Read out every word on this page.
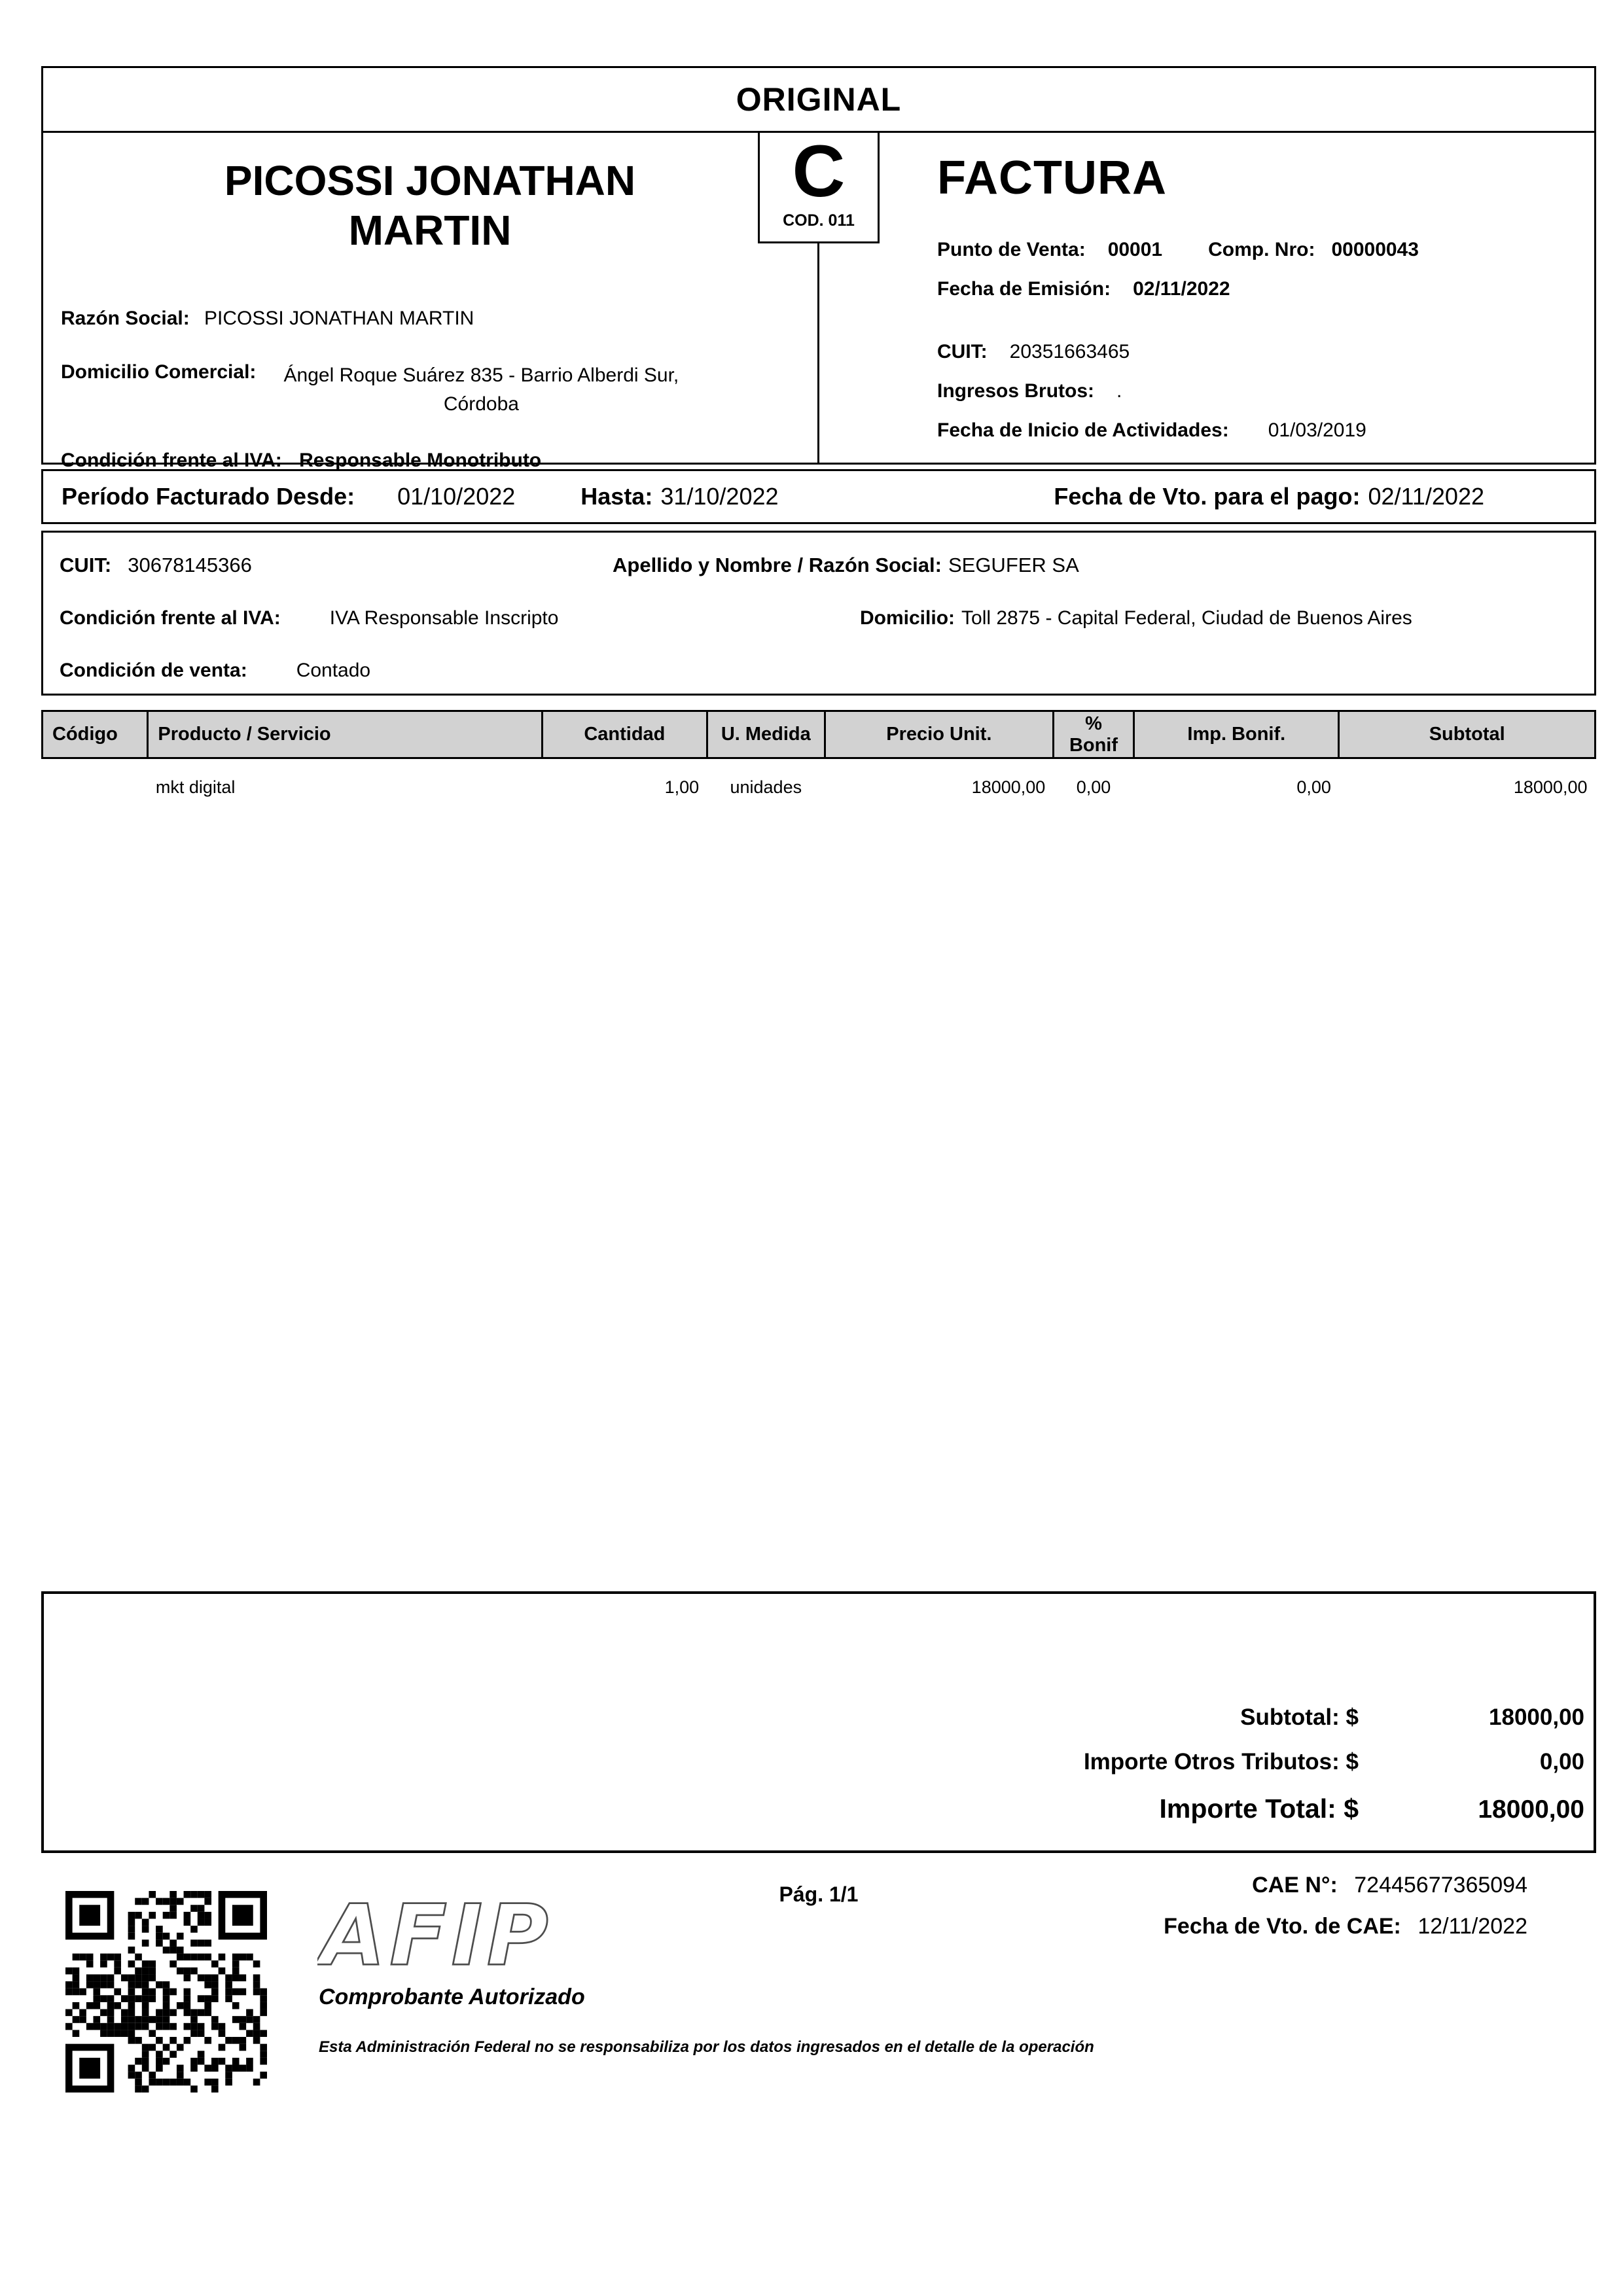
ORIGINAL
C
COD. 011
PICOSSI JONATHAN MARTIN
Razón Social: PICOSSI JONATHAN MARTIN
Domicilio Comercial:	Ángel Roque Suárez 835 - Barrio Alberdi Sur, Córdoba
Condición frente al IVA: Responsable Monotributo
FACTURA
Punto de Venta: 00001 Comp. Nro: 00000043
Fecha de Emisión: 02/11/2022
CUIT: 20351663465
Ingresos Brutos: .
Fecha de Inicio de Actividades: 01/03/2019
Período Facturado Desde: 01/10/2022	Hasta: 31/10/2022	Fecha de Vto. para el pago: 02/11/2022
CUIT: 30678145366	Apellido y Nombre / Razón Social: SEGUFER SA
Condición frente al IVA:	IVA Responsable Inscripto	Domicilio: Toll 2875 - Capital Federal, Ciudad de Buenos Aires
Condición de venta:	Contado
Código	Producto / Servicio	Cantidad	U. Medida	Precio Unit.	% Bonif	Imp. Bonif.	Subtotal
	mkt digital	1,00	unidades	18000,00	0,00	0,00	18000,00
Subtotal: $	18000,00
Importe Otros Tributos: $	0,00
Importe Total: $	18000,00
AFIP
Comprobante Autorizado
Esta Administración Federal no se responsabiliza por los datos ingresados en el detalle de la operación
Pág. 1/1	CAE N°: 72445677365094
Fecha de Vto. de CAE: 12/11/2022
